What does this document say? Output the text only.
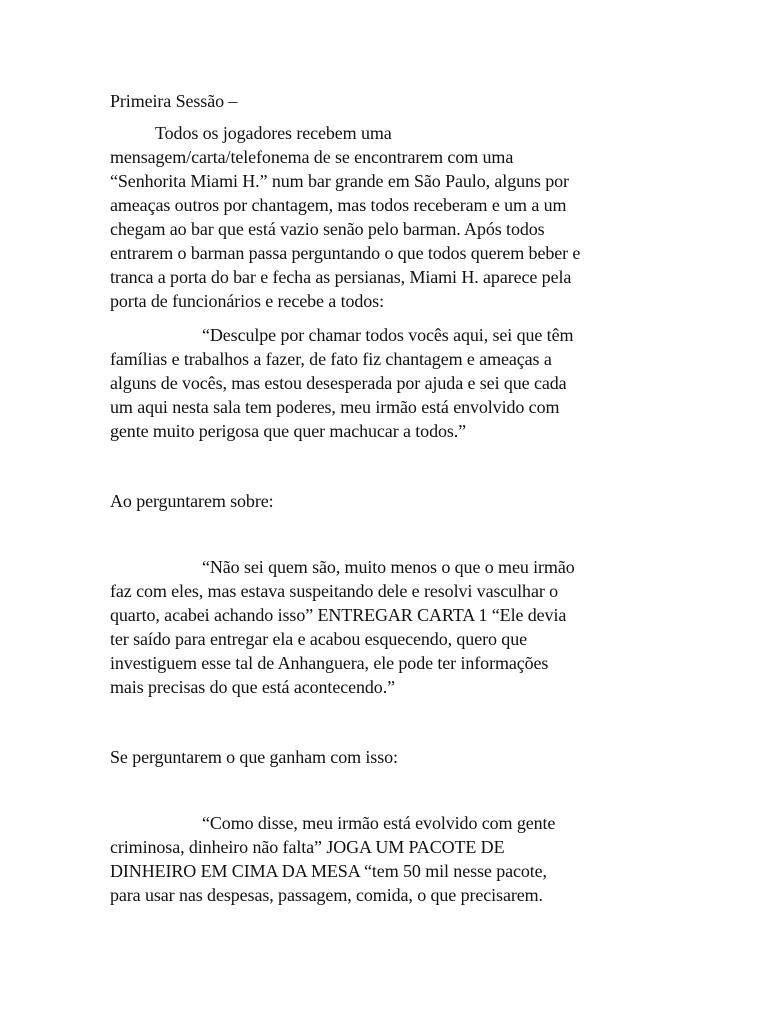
Primeira Sessão –
Todos os jogadores recebem uma
mensagem/carta/telefonema de se encontrarem com uma
“Senhorita Miami H.” num bar grande em São Paulo, alguns por
ameaças outros por chantagem, mas todos receberam e um a um
chegam ao bar que está vazio senão pelo barman. Após todos
entrarem o barman passa perguntando o que todos querem beber e
tranca a porta do bar e fecha as persianas, Miami H. aparece pela
porta de funcionários e recebe a todos:
“Desculpe por chamar todos vocês aqui, sei que têm
famílias e trabalhos a fazer, de fato fiz chantagem e ameaças a
alguns de vocês, mas estou desesperada por ajuda e sei que cada
um aqui nesta sala tem poderes, meu irmão está envolvido com
gente muito perigosa que quer machucar a todos.”
Ao perguntarem sobre:
“Não sei quem são, muito menos o que o meu irmão
faz com eles, mas estava suspeitando dele e resolvi vasculhar o
quarto, acabei achando isso” ENTREGAR CARTA 1 “Ele devia
ter saído para entregar ela e acabou esquecendo, quero que
investiguem esse tal de Anhanguera, ele pode ter informações
mais precisas do que está acontecendo.”
Se perguntarem o que ganham com isso:
“Como disse, meu irmão está evolvido com gente
criminosa, dinheiro não falta” JOGA UM PACOTE DE
DINHEIRO EM CIMA DA MESA “tem 50 mil nesse pacote,
para usar nas despesas, passagem, comida, o que precisarem.
